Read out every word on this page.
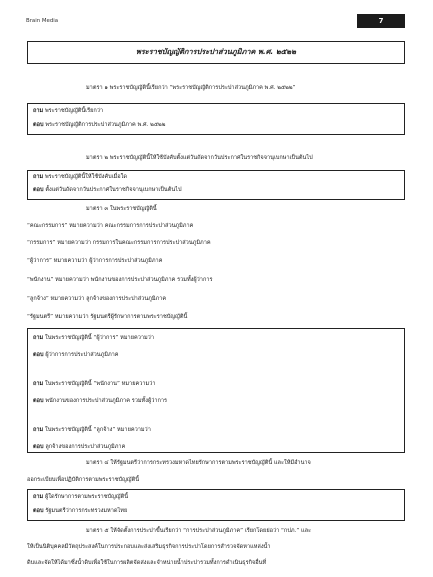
Brain Media	7
พระราชบัญญัติการประปาส่วนภูมิภาค พ.ศ. ๒๕๒๒
มาตรา ๑ พระราชบัญญัตินี้เรียกว่า “พระราชบัญญัติการประปาส่วนภูมิภาค พ.ศ. ๒๕๒๒”
ถาม พระราชบัญญัตินี้เรียกว่า
ตอบ พระราชบัญญัติการประปาส่วนภูมิภาค พ.ศ. ๒๕๒๒
มาตรา ๒ พระราชบัญญัตินี้ให้ใช้บังคับตั้งแต่วันถัดจากวันประกาศในราชกิจจานุเบกษาเป็นต้นไป
ถาม พระราชบัญญัตินี้ให้ใช้บังคับเมื่อใด
ตอบ ตั้งแต่วันถัดจากวันประกาศในราชกิจจานุเบกษาเป็นต้นไป
มาตรา ๓ ในพระราชบัญญัตินี้
“คณะกรรมการ” หมายความว่า คณะกรรมการการประปาส่วนภูมิภาค
“กรรมการ” หมายความว่า กรรมการในคณะกรรมการการประปาส่วนภูมิภาค
“ผู้ว่าการ” หมายความว่า ผู้ว่าการการประปาส่วนภูมิภาค
“พนักงาน” หมายความว่า พนักงานของการประปาส่วนภูมิภาค รวมทั้งผู้ว่าการ
“ลูกจ้าง” หมายความว่า ลูกจ้างของการประปาส่วนภูมิภาค
“รัฐมนตรี” หมายความว่า รัฐมนตรีผู้รักษาการตามพระราชบัญญัตินี้
ถาม ในพระราชบัญญัตินี้ “ผู้ว่าการ” หมายความว่า
ตอบ ผู้ว่าการการประปาส่วนภูมิภาค
ถาม ในพระราชบัญญัตินี้ “พนักงาน” หมายความว่า
ตอบ พนักงานของการประปาส่วนภูมิภาค รวมทั้งผู้ว่าการ
ถาม ในพระราชบัญญัตินี้ “ลูกจ้าง” หมายความว่า
ตอบ ลูกจ้างของการประปาส่วนภูมิภาค
มาตรา ๔ ให้รัฐมนตรีว่าการกระทรวงมหาดไทยรักษาการตามพระราชบัญญัตินี้ และให้มีอำนาจ
ออกระเบียบเพื่อปฏิบัติการตามพระราชบัญญัตินี้
ถาม ผู้ใดรักษาการตามพระราชบัญญัตินี้
ตอบ รัฐมนตรีว่าการกระทรวงมหาดไทย
มาตรา ๕ ให้จัดตั้งการประปาขึ้นเรียกว่า “การประปาส่วนภูมิภาค” เรียกโดยย่อว่า “กปภ.” และ
ให้เป็นนิติบุคคลมีวัตถุประสงค์ในการประกอบและส่งเสริมธุรกิจการประปาโดยการสำรวจจัดหาแหล่งน้ำ
ดิบและจัดให้ได้มาซึ่งน้ำดิบเพื่อใช้ในการผลิตจัดส่งและจำหน่ายน้ำประปารวมทั้งการดำเนินธุรกิจอื่นที่
